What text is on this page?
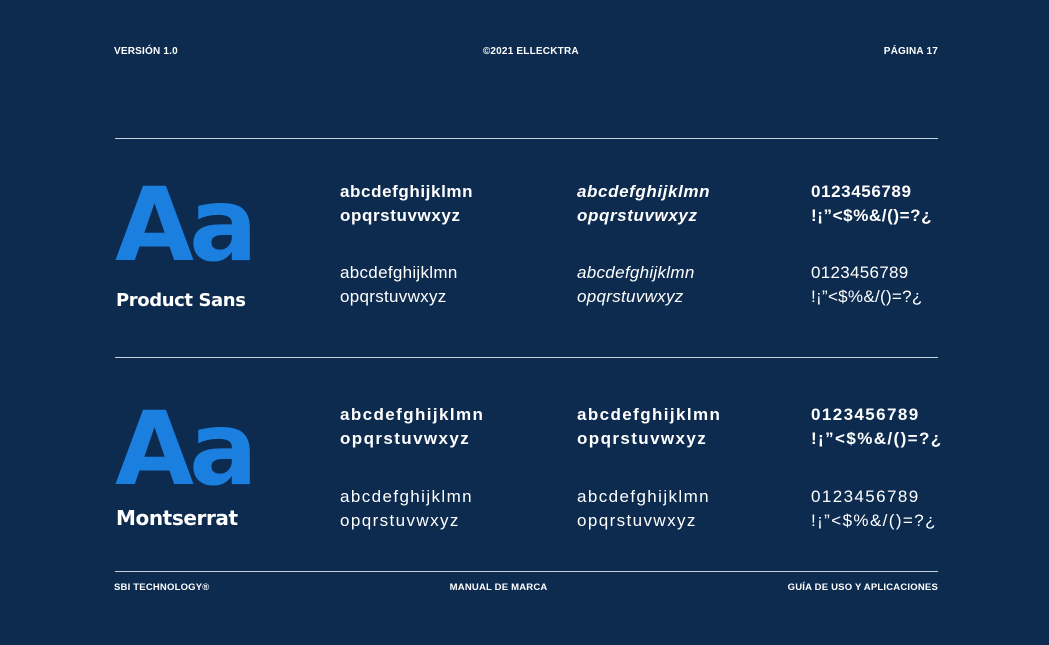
VERSIÓN 1.0	©2021 ELLECKTRA	PÁGINA 17
Aa
Product Sans
abcdefghijklmn
opqrstuvwxyz
abcdefghijklmn
opqrstuvwxyz
0123456789
!¡”<$%&/()=?¿
abcdefghijklmn
opqrstuvwxyz
abcdefghijklmn
opqrstuvwxyz
0123456789
!¡”<$%&/()=?¿
Aa
Montserrat
abcdefghijklmn
opqrstuvwxyz
abcdefghijklmn
opqrstuvwxyz
0123456789
!¡”<$%&/()=?¿
abcdefghijklmn
opqrstuvwxyz
abcdefghijklmn
opqrstuvwxyz
0123456789
!¡”<$%&/()=?¿
SBI TECHNOLOGY®	MANUAL DE MARCA	GUÍA DE USO Y APLICACIONES
